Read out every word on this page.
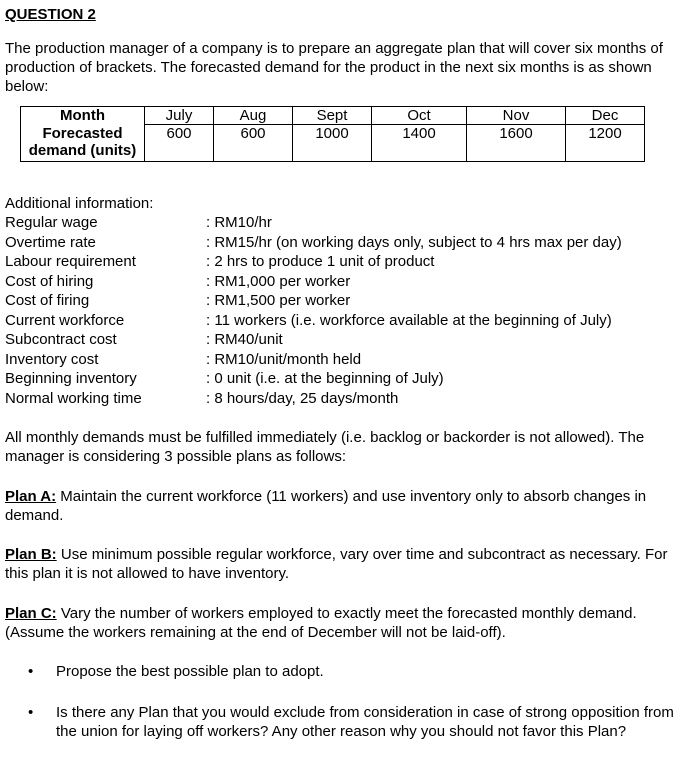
QUESTION 2
The production manager of a company is to prepare an aggregate plan that will cover six months of production of brackets. The forecasted demand for the product in the next six months is as shown below:
Month	July	Aug	Sept	Oct	Nov	Dec
Forecasted demand (units)	600	600	1000	1400	1600	1200
Additional information:
Regular wage	: RM10/hr
Overtime rate	: RM15/hr (on working days only, subject to 4 hrs max per day)
Labour requirement	: 2 hrs to produce 1 unit of product
Cost of hiring	: RM1,000 per worker
Cost of firing	: RM1,500 per worker
Current workforce	: 11 workers (i.e. workforce available at the beginning of July)
Subcontract cost	: RM40/unit
Inventory cost	: RM10/unit/month held
Beginning inventory	: 0 unit (i.e. at the beginning of July)
Normal working time	: 8 hours/day, 25 days/month
All monthly demands must be fulfilled immediately (i.e. backlog or backorder is not allowed). The manager is considering 3 possible plans as follows:
Plan A: Maintain the current workforce (11 workers) and use inventory only to absorb changes in demand.
Plan B: Use minimum possible regular workforce, vary over time and subcontract as necessary. For this plan it is not allowed to have inventory.
Plan C: Vary the number of workers employed to exactly meet the forecasted monthly demand. (Assume the workers remaining at the end of December will not be laid-off).
• Propose the best possible plan to adopt.
• Is there any Plan that you would exclude from consideration in case of strong opposition from the union for laying off workers? Any other reason why you should not favor this Plan?
